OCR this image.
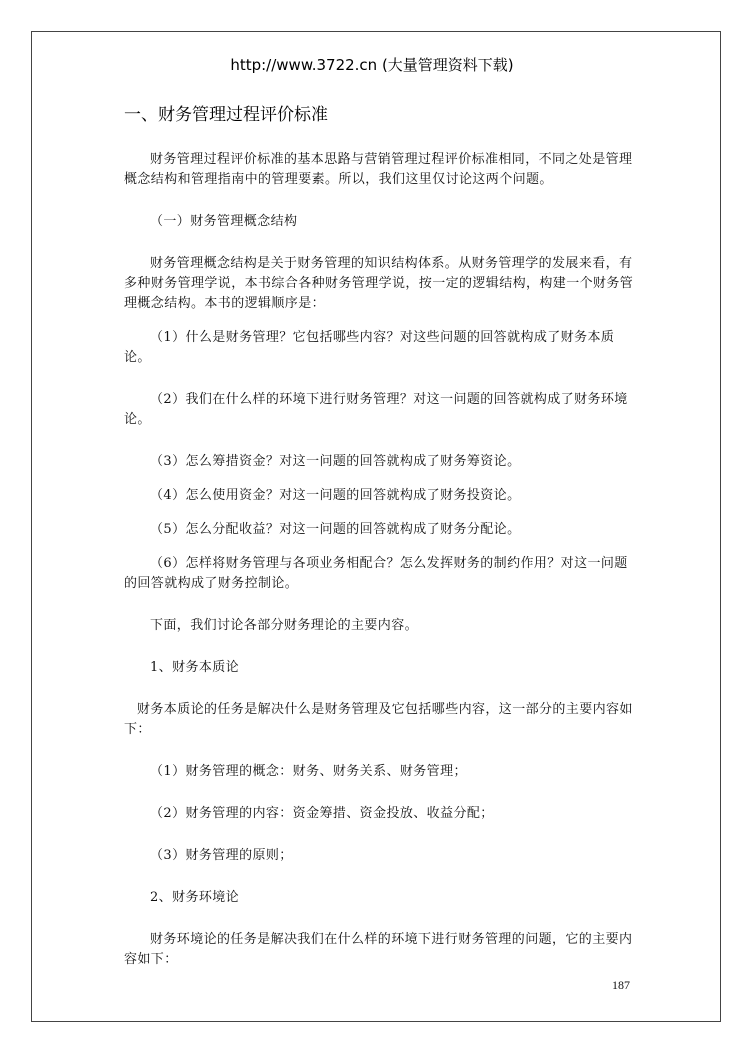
http://www.3722.cn (大量管理资料下载)
一、财务管理过程评价标准

财务管理过程评价标准的基本思路与营销管理过程评价标准相同，不同之处是管理概念结构和管理指南中的管理要素。所以，我们这里仅讨论这两个问题。

（一）财务管理概念结构

财务管理概念结构是关于财务管理的知识结构体系。从财务管理学的发展来看，有多种财务管理学说，本书综合各种财务管理学说，按一定的逻辑结构，构建一个财务管理概念结构。本书的逻辑顺序是：

（1）什么是财务管理？它包括哪些内容？对这些问题的回答就构成了财务本质论。

（2）我们在什么样的环境下进行财务管理？对这一问题的回答就构成了财务环境论。

（3）怎么筹措资金？对这一问题的回答就构成了财务筹资论。

（4）怎么使用资金？对这一问题的回答就构成了财务投资论。

（5）怎么分配收益？对这一问题的回答就构成了财务分配论。

（6）怎样将财务管理与各项业务相配合？怎么发挥财务的制约作用？对这一问题的回答就构成了财务控制论。

下面，我们讨论各部分财务理论的主要内容。

1、财务本质论

财务本质论的任务是解决什么是财务管理及它包括哪些内容，这一部分的主要内容如下：

（1）财务管理的概念：财务、财务关系、财务管理；

（2）财务管理的内容：资金筹措、资金投放、收益分配；

（3）财务管理的原则；

2、财务环境论

财务环境论的任务是解决我们在什么样的环境下进行财务管理的问题，它的主要内容如下：

187
